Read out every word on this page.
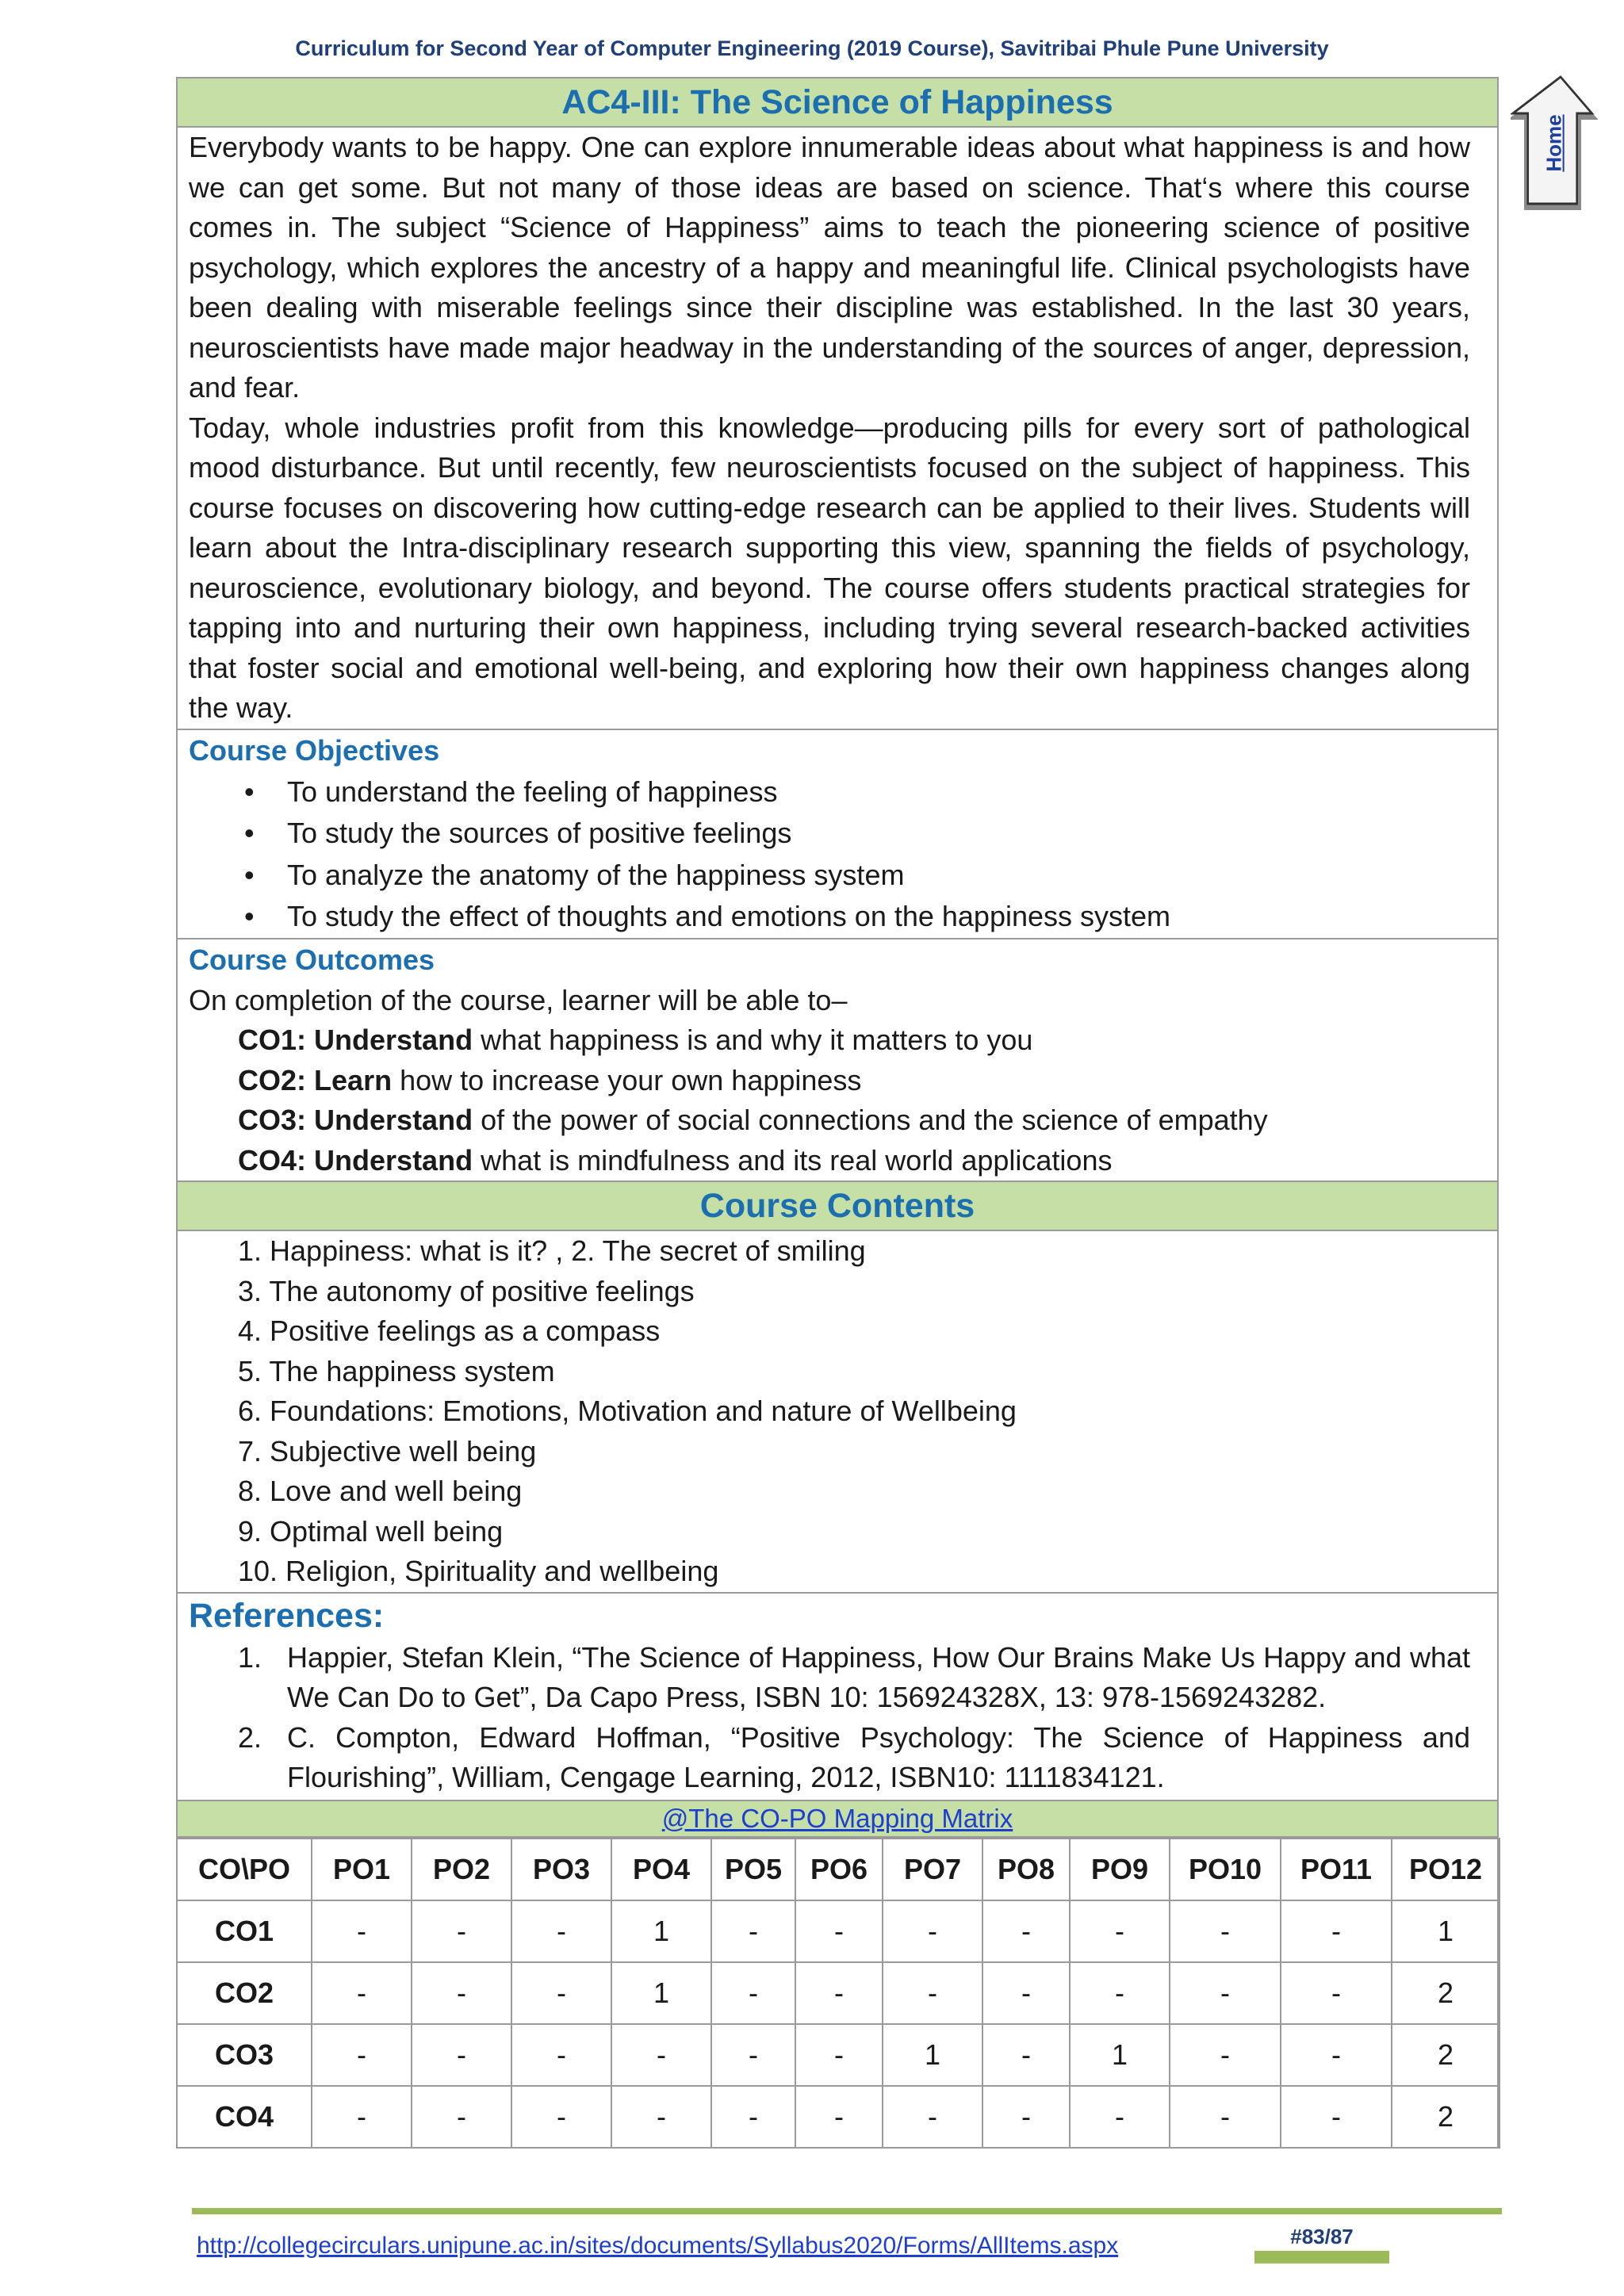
Curriculum for Second Year of Computer Engineering (2019 Course), Savitribai Phule Pune University
Home
AC4-III: The Science of Happiness

Everybody wants to be happy. One can explore innumerable ideas about what happiness is and how we can get some. But not many of those ideas are based on science. That‘s where this course comes in. The subject “Science of Happiness” aims to teach the pioneering science of positive psychology, which explores the ancestry of a happy and meaningful life. Clinical psychologists have been dealing with miserable feelings since their discipline was established. In the last 30 years, neuroscientists have made major headway in the understanding of the sources of anger, depression, and fear.

Today, whole industries profit from this knowledge—producing pills for every sort of pathological mood disturbance. But until recently, few neuroscientists focused on the subject of happiness. This course focuses on discovering how cutting-edge research can be applied to their lives. Students will learn about the Intra-disciplinary research supporting this view, spanning the fields of psychology, neuroscience, evolutionary biology, and beyond. The course offers students practical strategies for tapping into and nurturing their own happiness, including trying several research-backed activities that foster social and emotional well-being, and exploring how their own happiness changes along the way.

Course Objectives

• To understand the feeling of happiness
• To study the sources of positive feelings
• To analyze the anatomy of the happiness system
• To study the effect of thoughts and emotions on the happiness system

Course Outcomes

On completion of the course, learner will be able to–
CO1: Understand what happiness is and why it matters to you
CO2: Learn how to increase your own happiness
CO3: Understand of the power of social connections and the science of empathy
CO4: Understand what is mindfulness and its real world applications
Course Contents
1. Happiness: what is it? , 2. The secret of smiling
3. The autonomy of positive feelings
4. Positive feelings as a compass
5. The happiness system
6. Foundations: Emotions, Motivation and nature of Wellbeing
7. Subjective well being
8. Love and well being
9. Optimal well being
10. Religion, Spirituality and wellbeing

References:

1. Happier, Stefan Klein, “The Science of Happiness, How Our Brains Make Us Happy and what We Can Do to Get”, Da Capo Press, ISBN 10: 156924328X, 13: 978-1569243282.
2. C. Compton, Edward Hoffman, “Positive Psychology: The Science of Happiness and Flourishing”, William, Cengage Learning, 2012, ISBN10: 1111834121.
@The CO-PO Mapping Matrix
CO\PO	PO1	PO2	PO3	PO4	PO5	PO6	PO7	PO8	PO9	PO10	PO11	PO12
CO1	-	-	-	1	-	-	-	-	-	-	-	1
CO2	-	-	-	1	-	-	-	-	-	-	-	2
CO3	-	-	-	-	-	-	1	-	1	-	-	2
CO4	-	-	-	-	-	-	-	-	-	-	-	2
http://collegecirculars.unipune.ac.in/sites/documents/Syllabus2020/Forms/AllItems.aspx	#83/87
